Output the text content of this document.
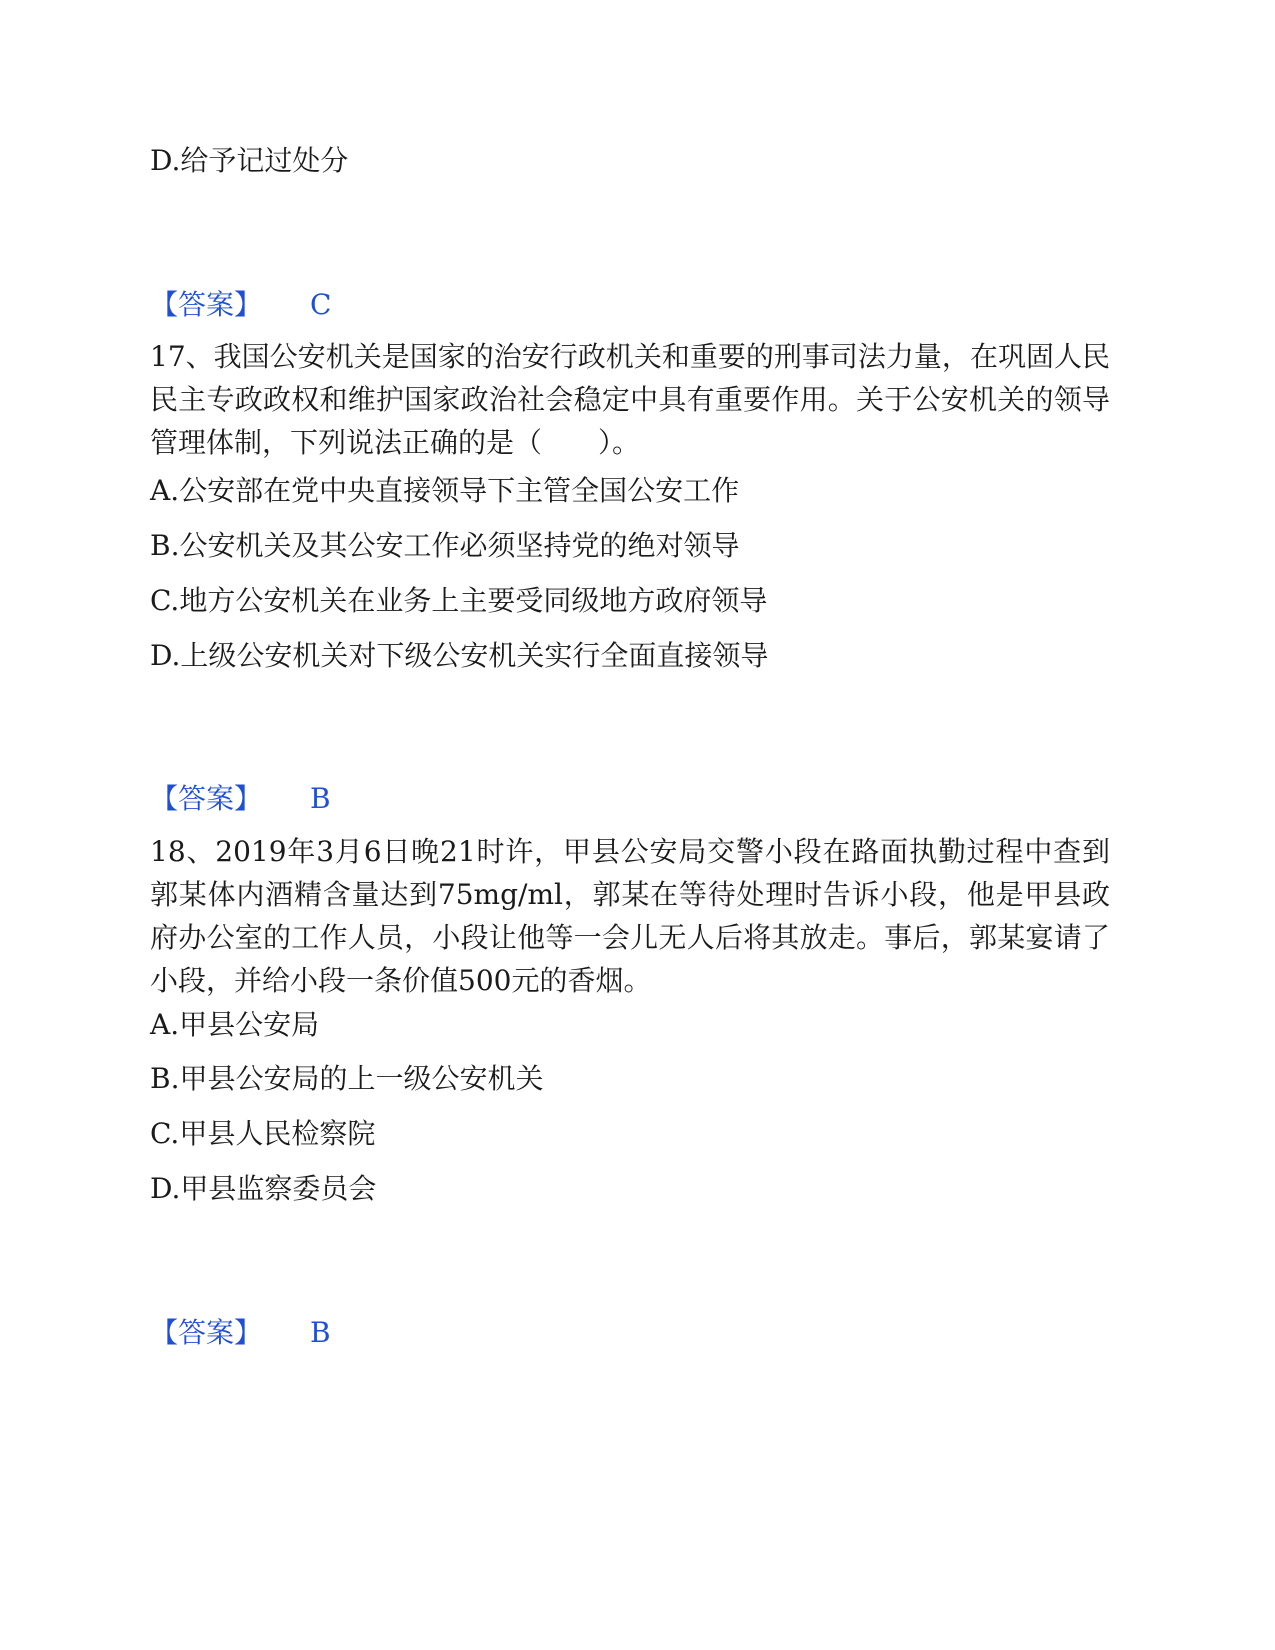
D.给予记过处分
【答案】 C
17、我国公安机关是国家的治安行政机关和重要的刑事司法力量，在巩固人民民主专政政权和维护国家政治社会稳定中具有重要作用。关于公安机关的领导管理体制，下列说法正确的是（　　）。
A.公安部在党中央直接领导下主管全国公安工作
B.公安机关及其公安工作必须坚持党的绝对领导
C.地方公安机关在业务上主要受同级地方政府领导
D.上级公安机关对下级公安机关实行全面直接领导
【答案】 B
18、2019年3月6日晚21时许，甲县公安局交警小段在路面执勤过程中查到郭某体内酒精含量达到75mg/ml，郭某在等待处理时告诉小段，他是甲县政府办公室的工作人员，小段让他等一会儿无人后将其放走。事后，郭某宴请了小段，并给小段一条价值500元的香烟。
A.甲县公安局
B.甲县公安局的上一级公安机关
C.甲县人民检察院
D.甲县监察委员会
【答案】 B
